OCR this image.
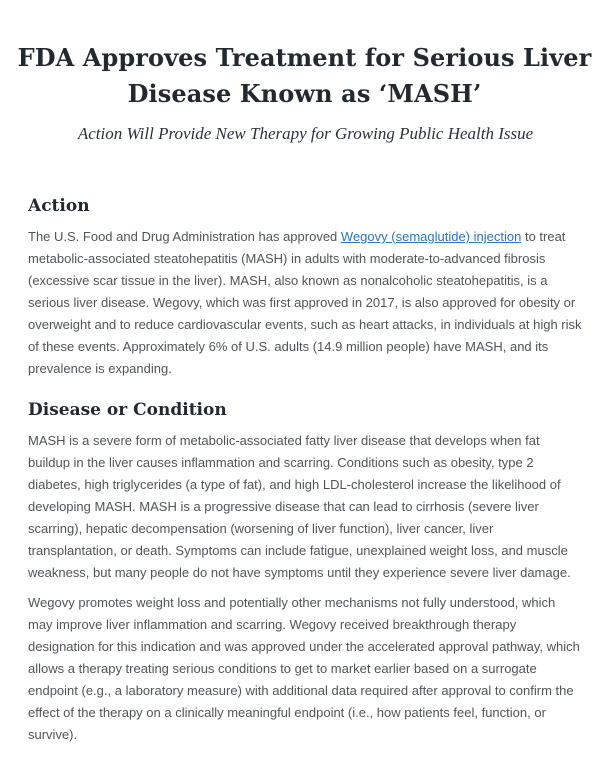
FDA Approves Treatment for Serious Liver Disease Known as ‘MASH’
Action Will Provide New Therapy for Growing Public Health Issue
Action

The U.S. Food and Drug Administration has approved Wegovy (semaglutide) injection to treat metabolic-associated steatohepatitis (MASH) in adults with moderate-to-advanced fibrosis (excessive scar tissue in the liver). MASH, also known as nonalcoholic steatohepatitis, is a serious liver disease. Wegovy, which was first approved in 2017, is also approved for obesity or overweight and to reduce cardiovascular events, such as heart attacks, in individuals at high risk of these events. Approximately 6% of U.S. adults (14.9 million people) have MASH, and its prevalence is expanding.

Disease or Condition

MASH is a severe form of metabolic-associated fatty liver disease that develops when fat buildup in the liver causes inflammation and scarring. Conditions such as obesity, type 2 diabetes, high triglycerides (a type of fat), and high LDL-cholesterol increase the likelihood of developing MASH. MASH is a progressive disease that can lead to cirrhosis (severe liver scarring), hepatic decompensation (worsening of liver function), liver cancer, liver transplantation, or death. Symptoms can include fatigue, unexplained weight loss, and muscle weakness, but many people do not have symptoms until they experience severe liver damage.

Wegovy promotes weight loss and potentially other mechanisms not fully understood, which may improve liver inflammation and scarring. Wegovy received breakthrough therapy designation for this indication and was approved under the accelerated approval pathway, which allows a therapy treating serious conditions to get to market earlier based on a surrogate endpoint (e.g., a laboratory measure) with additional data required after approval to confirm the effect of the therapy on a clinically meaningful endpoint (i.e., how patients feel, function, or survive).
